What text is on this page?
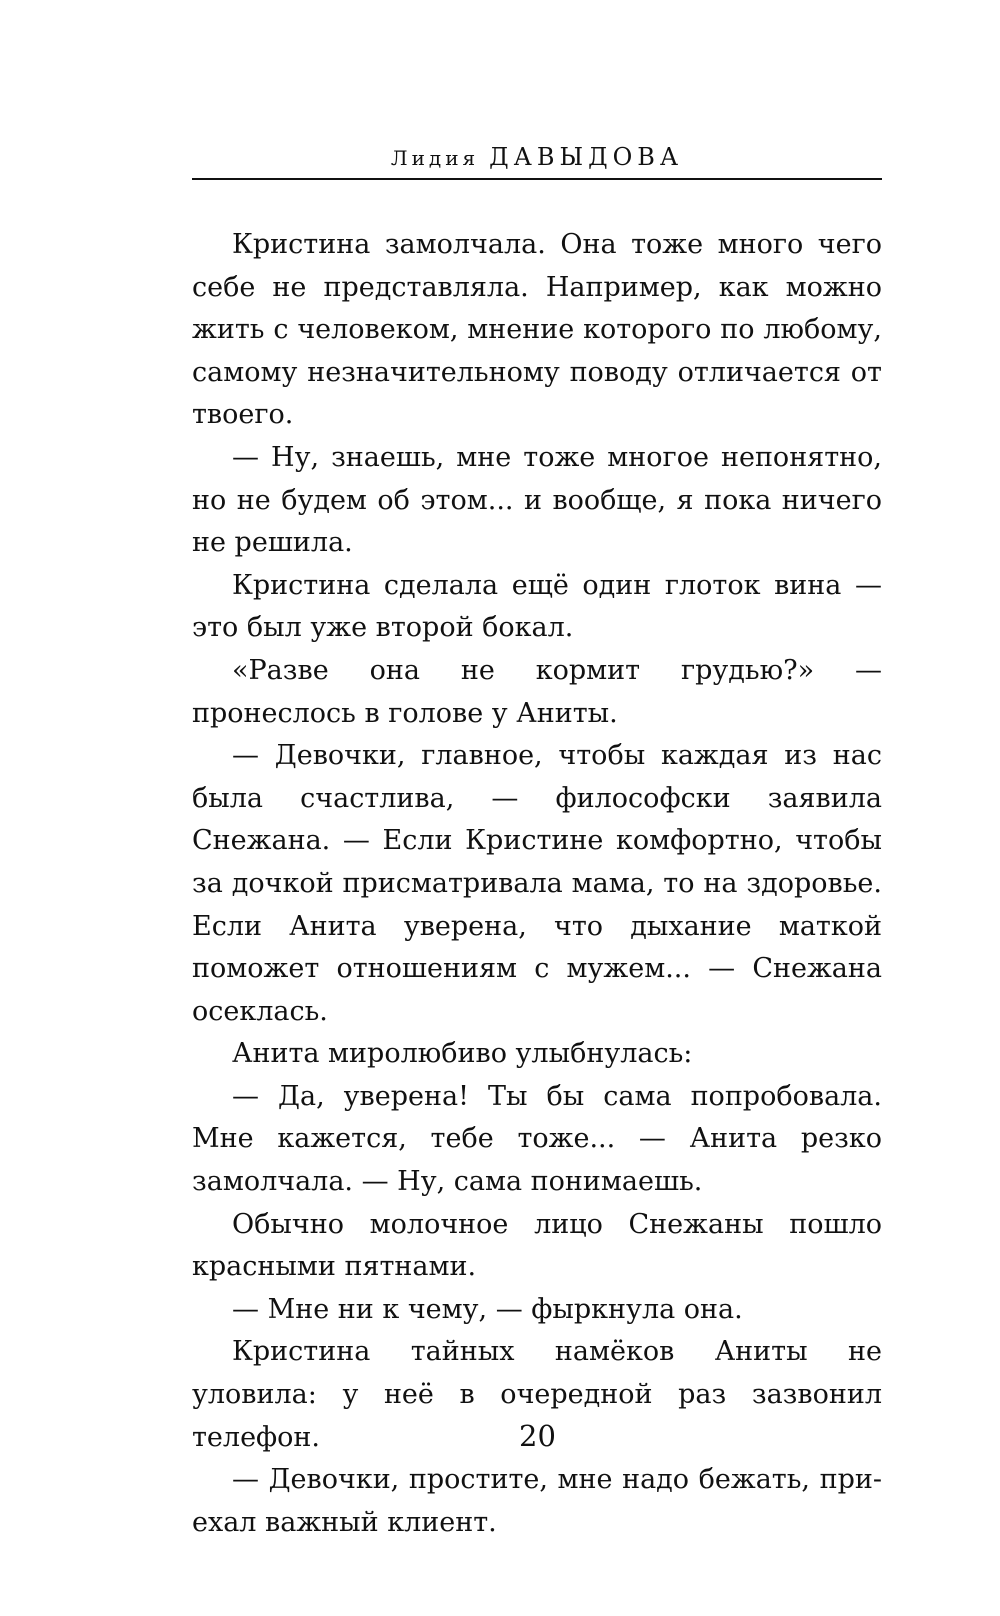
Лидия ДАВЫДОВА

Кристина замолчала. Она тоже много чего себе не представляла. Например, как можно жить с человеком, мнение которого по любому, самому незначительному поводу отличается от твоего.

— Ну, знаешь, мне тоже многое непонятно, но не будем об этом... и вообще, я пока ничего не решила.

Кристина сделала ещё один глоток вина — это был уже второй бокал.

«Разве она не кормит грудью?» — пронеслось в голове у Аниты.

— Девочки, главное, чтобы каждая из нас была счастлива, — философски заявила Снежана. — Если Кристине комфортно, чтобы за дочкой присматривала мама, то на здоровье. Если Анита уверена, что дыхание маткой поможет отношениям с мужем... — Снежана осеклась.

Анита миролюбиво улыбнулась:

— Да, уверена! Ты бы сама попробовала. Мне кажется, тебе тоже... — Анита резко замолчала. — Ну, сама понимаешь.

Обычно молочное лицо Снежаны пошло красными пятнами.

— Мне ни к чему, — фыркнула она.

Кристина тайных намёков Аниты не уловила: у неё в очередной раз зазвонил телефон.

— Девочки, простите, мне надо бежать, приехал важный клиент.

20
